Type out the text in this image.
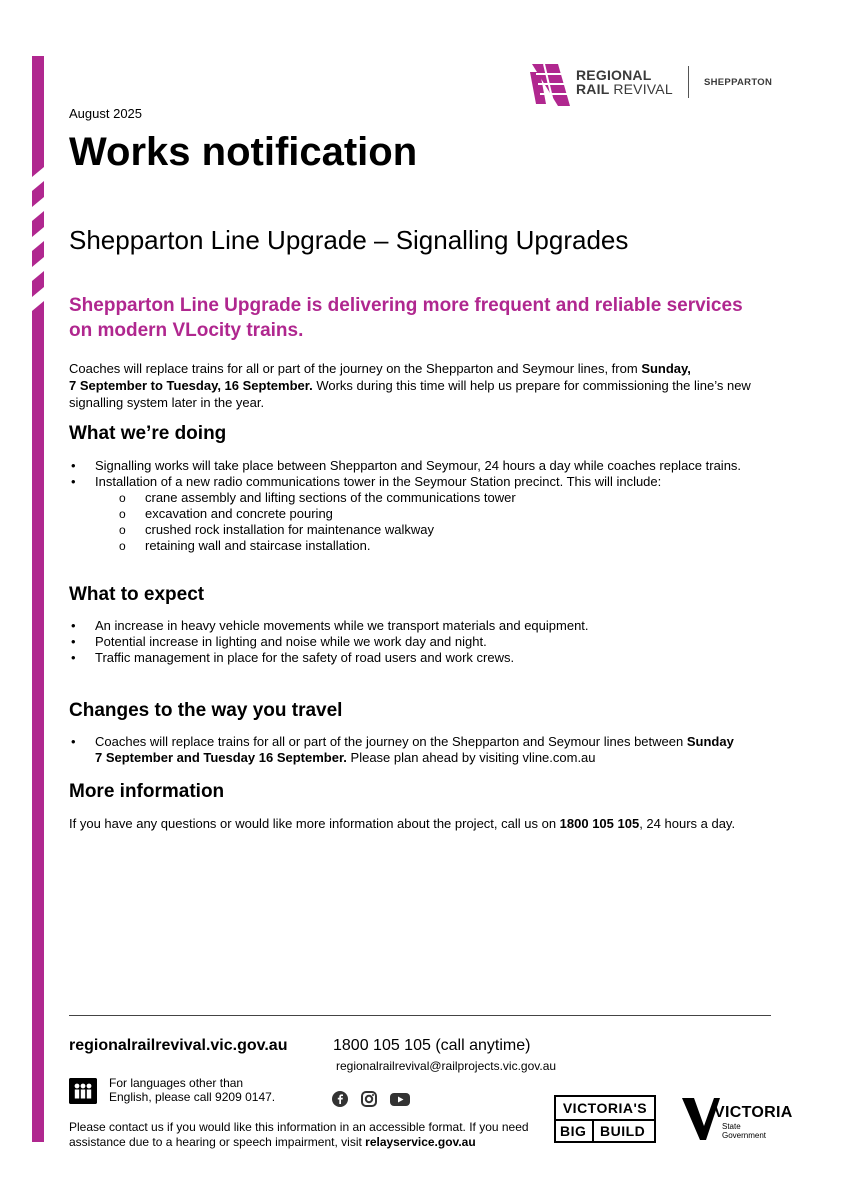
REGIONAL
RAIL REVIVAL	SHEPPARTON
August 2025
Works notification
Shepparton Line Upgrade – Signalling Upgrades

Shepparton Line Upgrade is delivering more frequent and reliable services on modern VLocity trains.

Coaches will replace trains for all or part of the journey on the Shepparton and Seymour lines, from Sunday,
7 September to Tuesday, 16 September. Works during this time will help us prepare for commissioning the line’s new signalling system later in the year.

What we’re doing
• Signalling works will take place between Shepparton and Seymour, 24 hours a day while coaches replace trains.
• Installation of a new radio communications tower in the Seymour Station precinct. This will include:
o crane assembly and lifting sections of the communications tower
o excavation and concrete pouring
o crushed rock installation for maintenance walkway
o retaining wall and staircase installation.
What to expect
• An increase in heavy vehicle movements while we transport materials and equipment.
• Potential increase in lighting and noise while we work day and night.
• Traffic management in place for the safety of road users and work crews.
Changes to the way you travel
• Coaches will replace trains for all or part of the journey on the Shepparton and Seymour lines between Sunday
7 September and Tuesday 16 September. Please plan ahead by visiting vline.com.au
More information

If you have any questions or would like more information about the project, call us on 1800 105 105, 24 hours a day.

regionalrailrevival.vic.gov.au	1800 105 105 (call anytime)
regionalrailrevival@railprojects.vic.gov.au
For languages other than
English, please call 9209 0147.
Please contact us if you would like this information in an accessible format. If you need assistance due to a hearing or speech impairment, visit relayservice.gov.au
VICTORIA'S
BIG BUILD
VICTORIA
State
Government
